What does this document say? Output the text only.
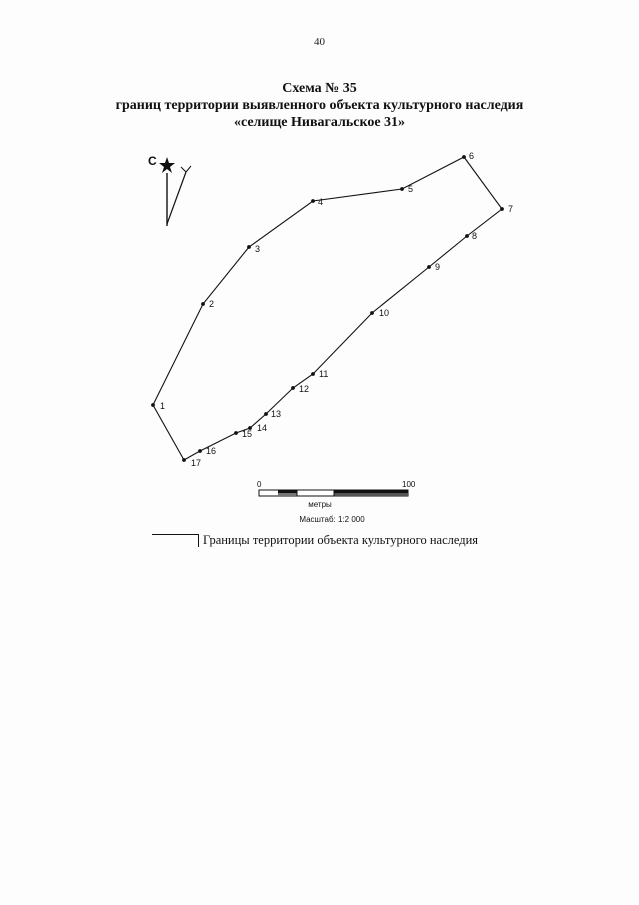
40
Схема № 35
границ территории выявленного объекта культурного наследия
«селище Нивагальское 31»
С
1
2
3
4
5
6
7
8
9
10
11
12
13
14
15
16
17
0	100
метры
Масштаб: 1:2 000
Границы территории объекта культурного наследия
